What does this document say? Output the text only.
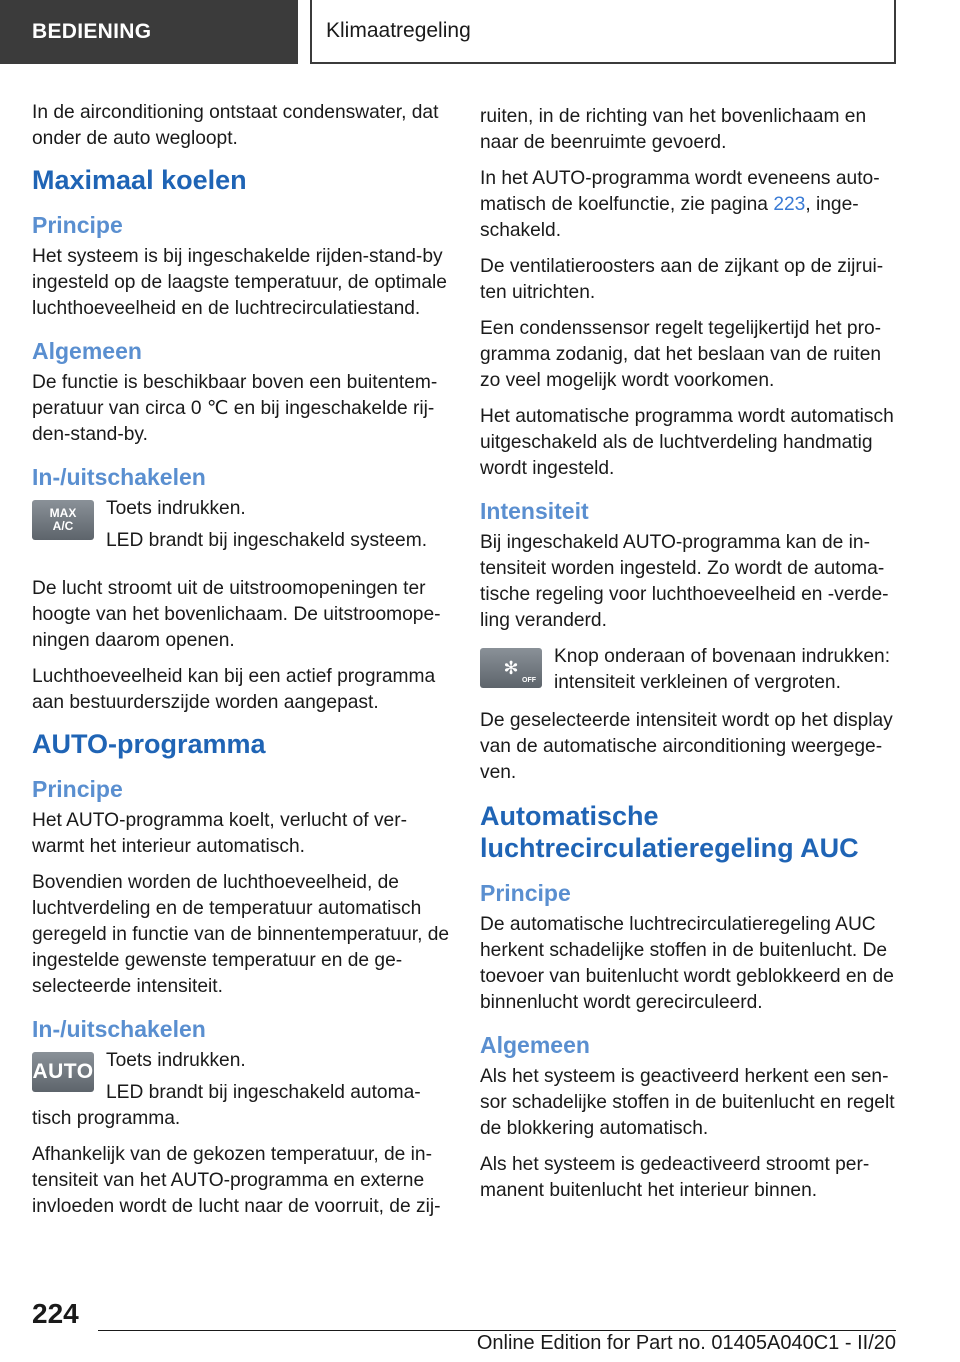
BEDIENING	Klimaatregeling

In de airconditioning ontstaat condenswater, dat onder de auto wegloopt.

Maximaal koelen
Principe

Het systeem is bij ingeschakelde rijden-stand-by ingesteld op de laagste temperatuur, de optimale luchthoeveelheid en de luchtrecirculatiestand.

Algemeen

De functie is beschikbaar boven een buitentemperatuur van circa 0 ℃ en bij ingeschakelde rijden-stand-by.

In-/uitschakelen
MAX
A/C

Toets indrukken.

LED brandt bij ingeschakeld systeem.

De lucht stroomt uit de uitstroomopeningen ter hoogte van het bovenlichaam. De uitstroomopeningen daarom openen.

Luchthoeveelheid kan bij een actief programma aan bestuurderszijde worden aangepast.

AUTO-programma
Principe

Het AUTO-programma koelt, verlucht of verwarmt het interieur automatisch.

Bovendien worden de luchthoeveelheid, de luchtverdeling en de temperatuur automatisch geregeld in functie van de binnentemperatuur, de ingestelde gewenste temperatuur en de geselecteerde intensiteit.

In-/uitschakelen
AUTO Toets indrukken.

LED brandt bij ingeschakeld automatisch programma.

Afhankelijk van de gekozen temperatuur, de intensiteit van het AUTO-programma en externe invloeden wordt de lucht naar de voorruit, de zij-

ruiten, in de richting van het bovenlichaam en naar de beenruimte gevoerd.

In het AUTO-programma wordt eveneens automatisch de koelfunctie, zie pagina 223, ingeschakeld.

De ventilatieroosters aan de zijkant op de zijruiten uitrichten.

Een condenssensor regelt tegelijkertijd het programma zodanig, dat het beslaan van de ruiten zo veel mogelijk wordt voorkomen.

Het automatische programma wordt automatisch uitgeschakeld als de luchtverdeling handmatig wordt ingesteld.

Intensiteit

Bij ingeschakeld AUTO-programma kan de intensiteit worden ingesteld. Zo wordt de automatische regeling voor luchthoeveelheid en -verdeling veranderd.

✻
OFF

Knop onderaan of bovenaan indrukken: intensiteit verkleinen of vergroten.

De geselecteerde intensiteit wordt op het display van de automatische airconditioning weergegeven.

Automatische luchtrecirculatieregeling AUC
Principe

De automatische luchtrecirculatieregeling AUC herkent schadelijke stoffen in de buitenlucht. De toevoer van buitenlucht wordt geblokkeerd en de binnenlucht wordt gerecirculeerd.

Algemeen

Als het systeem is geactiveerd herkent een sensor schadelijke stoffen in de buitenlucht en regelt de blokkering automatisch.

Als het systeem is gedeactiveerd stroomt permanent buitenlucht het interieur binnen.

224
Online Edition for Part no. 01405A040C1 - II/20
